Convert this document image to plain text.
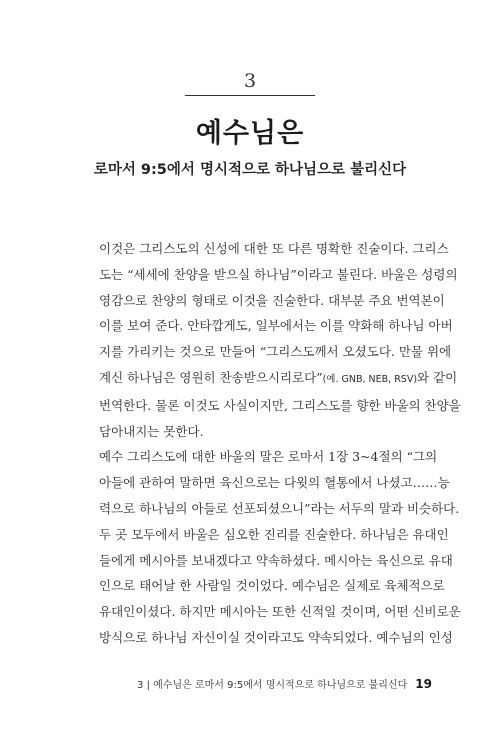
3
예수님은
로마서 9:5에서 명시적으로 하나님으로 불리신다

이것은 그리스도의 신성에 대한 또 다른 명확한 진술이다. 그리스
도는 “세세에 찬양을 받으실 하나님”이라고 불린다. 바울은 성령의
영감으로 찬양의 형태로 이것을 진술한다. 대부분 주요 번역본이
이를 보여 준다. 안타깝게도, 일부에서는 이를 약화해 하나님 아버
지를 가리키는 것으로 만들어 “그리스도께서 오셨도다. 만물 위에
계신 하나님은 영원히 찬송받으시리로다”(예. GNB, NEB, RSV)와 같이
번역한다. 물론 이것도 사실이지만, 그리스도를 향한 바울의 찬양을
담아내지는 못한다.

예수 그리스도에 대한 바울의 말은 로마서 1장 3~4절의 “그의
아들에 관하여 말하면 육신으로는 다윗의 혈통에서 나셨고……능
력으로 하나님의 아들로 선포되셨으니”라는 서두의 말과 비슷하다.
두 곳 모두에서 바울은 심오한 진리를 진술한다. 하나님은 유대인
들에게 메시아를 보내겠다고 약속하셨다. 메시아는 육신으로 유대
인으로 태어날 한 사람일 것이었다. 예수님은 실제로 육체적으로
유대인이셨다. 하지만 메시아는 또한 신적일 것이며, 어떤 신비로운
방식으로 하나님 자신이실 것이라고도 약속되었다. 예수님의 인성

3 | 예수님은 로마서 9:5에서 명시적으로 하나님으로 불리신다 19
